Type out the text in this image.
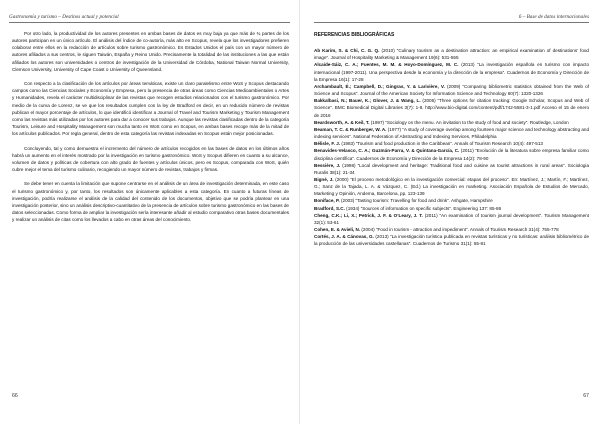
Gastronomía y turismo – Destinos actual y potencial

Por otro lado, la productividad de los autores presentes en ambas bases de datos es muy baja ya que más de ¾ partes de los autores participan en un único artículo. El análisis del índice de co-autoría, más alto en Scopus, revela que los investigadores prefieren colaborar entre ellos en la redacción de artículos sobre turismo gastronómico. Es Estados Unidos el país con un mayor número de autores afiliados a sus centros, le siguen Taiwán, España y Reino Unido. Precisamente la totalidad de las instituciones a las que están afiliados los autores son universidades o centros de investigación de la Universidad de Córdoba, National Taiwan Normal University, Clemson University, University of Cape Coast o University of Queensland.

Con respecto a la clasificación de los artículos por áreas temáticas, existe un claro paralelismo entre WoS y Scopus destacando campos como las Ciencias Sociales y Economía y Empresa, pero la presencia de otras áreas como Ciencias Medioambientales o Artes y Humanidades, revela el carácter multidisciplinar de las revistas que recogen estudios relacionados con el turismo gastronómico. Por medio de la curva de Lorenz, se ve que los resultados cumplen con la ley de Bradford es decir, en un reducido número de revistas publican el mayor porcentaje de artículos, lo que identificó identificar a Journal of Travel and Tourism Marketing y Tourism Management como las revistas más utilizadas por los autores para dar a conocer sus trabajos. Aunque las revistas clasificadas dentro de la categoría Tourism, Leisure and Hospitality Management son mucha tanto en WoS como en Scopus, en ambas bases recoge más de la mitad de los artículos publicados. Por regla general, dentro de esta categoría las revistas indexadas en Scopus están mejor posicionadas.

Concluyendo, tal y como demuestra el incremento del número de artículos recogidos en las bases de datos en los últimos años habrá un aumento en el interés mostrado por la investigación en turismo gastronómico. WoS y Scopus difieren en cuanto a su alcance, volumen de datos y políticas de cobertura con alto grado de fuentes y artículos únicos, pero es Scopus, comparada con WoS, quién cubre mejor el tema del turismo culinario, recogiendo un mayor número de revistas, trabajos y firmas.

Se debe tener en cuenta la limitación que supone centrarse en el análisis de un área de investigación determinada, en este caso el turismo gastronómico y, por tanto, los resultados son únicamente aplicables a esta categoría. En cuanto a futuras líneas de investigación, podría realizarse el análisis de la calidad del contenido de los documentos, objetivo que se podría plantear en una investigación posterior, sino un análisis descriptivo-cuantitativo de la presencia de artículos sobre turismo gastronómico en las bases de datos seleccionadas. Como forma de ampliar la investigación sería interesante añadir al estudio comparativo otras bases documentales y realizar un análisis de citas como los llevados a cabo en otras áreas del conocimiento.

66
6 – Base de datos internacionales
REFERENCIAS BIBLIOGRÁFICAS

Ab Karim, S. & Chi, C. G. Q. (2010) “Culinary tourism as a destination attraction: an empirical examination of destinations’ food image”. Journal of Hospitality Marketing & Management 19(6): 531-555

Alcaide-Sáiz, C. A.; Fuentes, M. M. & Hoyo-Domínguez, M. C. (2013) “La investigación española en turismo con impacto internacional (1997-2011). Una perspectiva desde la economía y la dirección de la empresa”. Cuadernos de Economía y Dirección de la Empresa 16(1): 17-28

Archambault, É.; Campbell, D.; Gingras, Y. & Larivière, V. (2009) “Comparing bibliometric statistics obtained from the Web of Science and Scopus”. Journal of the American Society for Information Science and Technology 60(7): 1320-1326

Bakkalbasi, N.; Bauer, K.; Glover, J. & Wang, L. (2006) “Three options for citation tracking: Google Scholar, Scopus and Web of Science”. BMC Biomedical Digital Libraries 3(7): 1-8. http://www.bio-digital.com/content/pdf/1742-5581-3-1.pdf Acceso el 15 de enero de 2016

Beardsworth, A. & Keil, T. (1997) “Sociology on the menu. An invitation to the study of food and society”. Routledge, London

Beaman, T. C. & Runberger, W. A. (1977) “A study of coverage overlap among fourteen major science and technology abstracting and indexing services”. National Federation of Abstracting and Indexing Services, Philadelphia

Bélisle, F. J. (1983) “Tourism and food production in the Caribbean”. Annals of Tourism Research 10(4): 497-513

Benavides-Velasco, C. A.; Guzmán-Parra, V. & Quintana-García, C. (2011) “Evolución de la literatura sobre empresa familiar como disciplina científica”. Cuadernos de Economía y Dirección de la Empresa 14(2): 78-90

Bessière, J. (1998) “Local development and heritage: Traditional food and cuisine as tourist attractions in rural areas”. Sociologia Ruralis 38(1): 21-34

Bigné, J. (2000) “El proceso metodológico en la investigación comercial: etapas del proceso”. En: Martínez, J.; Martín, F.; Martínez, G.; Sanz de la Tajada, L. A. & Vázquez, C. (Ed.) La investigación en marketing. Asociación Española de Estudios de Mercado, Marketing y Opinión, Andema, Barcelona, pp. 123-139

Boniface, P. (2003) “Tasting tourism: Travelling for food and drink”. Ashgate, Hampshire

Bradford, S.C. (1934) “Sources of information on specific subjects”. Engineering 137: 85-86

Cheng, C.K.; Li, X.; Petrick, J. F. & O’Leary, J. T. (2011) “An examination of tourism journal development”. Tourism Management 32(1): 53-61

Cohen, E. & Avieli, N. (2004) “Food in tourism - attraction and impediment”. Annals of Tourism Research 31(4): 755-778

Cortés, J. A. & Cánovas, G. (2013) “La investigación turística publicada en revistas turísticas y no turísticas: análisis bibliométrico de la producción de las universidades castellanas”. Cuadernos de Turismo 31(1): 55-81

67
